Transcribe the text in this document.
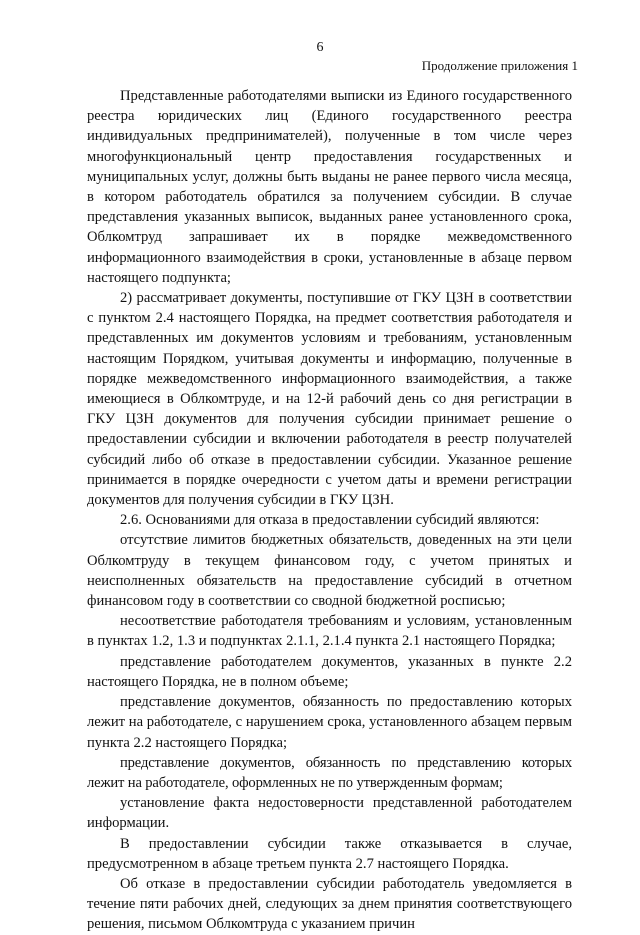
6
Продолжение приложения 1

Представленные работодателями выписки из Единого государственного реестра юридических лиц (Единого государственного реестра индивидуальных предпринимателей), полученные в том числе через многофункциональный центр предоставления государственных и муниципальных услуг, должны быть выданы не ранее первого числа месяца, в котором работодатель обратился за получением субсидии. В случае представления указанных выписок, выданных ранее установленного срока, Облкомтруд запрашивает их в порядке межведомственного информационного взаимодействия в сроки, установленные в абзаце первом настоящего подпункта;

2) рассматривает документы, поступившие от ГКУ ЦЗН в соответствии с пунктом 2.4 настоящего Порядка, на предмет соответствия работодателя и представленных им документов условиям и требованиям, установленным настоящим Порядком, учитывая документы и информацию, полученные в порядке межведомственного информационного взаимодействия, а также имеющиеся в Облкомтруде, и на 12-й рабочий день со дня регистрации в ГКУ ЦЗН документов для получения субсидии принимает решение о предоставлении субсидии и включении работодателя в реестр получателей субсидий либо об отказе в предоставлении субсидии. Указанное решение принимается в порядке очередности с учетом даты и времени регистрации документов для получения субсидии в ГКУ ЦЗН.

2.6. Основаниями для отказа в предоставлении субсидий являются:

отсутствие лимитов бюджетных обязательств, доведенных на эти цели Облкомтруду в текущем финансовом году, с учетом принятых и неисполненных обязательств на предоставление субсидий в отчетном финансовом году в соответствии со сводной бюджетной росписью;

несоответствие работодателя требованиям и условиям, установленным в пунктах 1.2, 1.3 и подпунктах 2.1.1, 2.1.4 пункта 2.1 настоящего Порядка;

представление работодателем документов, указанных в пункте 2.2 настоящего Порядка, не в полном объеме;

представление документов, обязанность по предоставлению которых лежит на работодателе, с нарушением срока, установленного абзацем первым пункта 2.2 настоящего Порядка;

представление документов, обязанность по представлению которых лежит на работодателе, оформленных не по утвержденным формам;

установление факта недостоверности представленной работодателем информации.

В предоставлении субсидии также отказывается в случае, предусмотренном в абзаце третьем пункта 2.7 настоящего Порядка.

Об отказе в предоставлении субсидии работодатель уведомляется в течение пяти рабочих дней, следующих за днем принятия соответствующего решения, письмом Облкомтруда с указанием причин
